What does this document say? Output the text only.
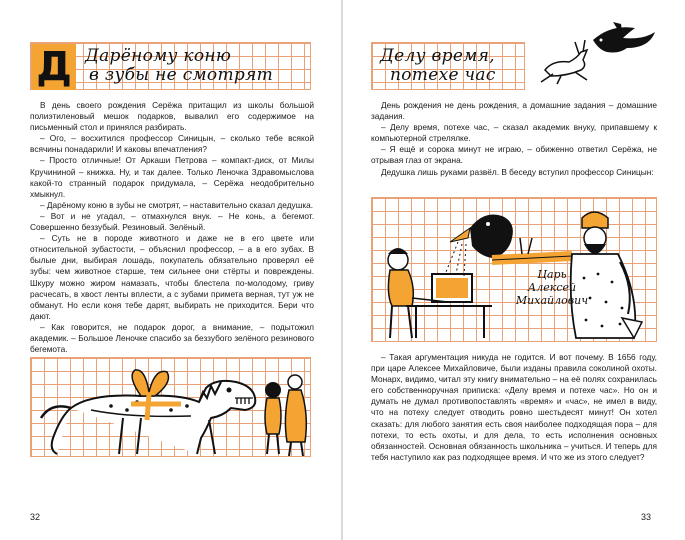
Д Дарёному коню
в зубы не смотрят

В день своего рождения Серёжа притащил из школы большой полиэтиленовый мешок подарков, вывалил его содержимое на письменный стол и принялся разбирать.

– Ого, – восхитился профессор Синицын, – сколько тебе всякой всячины понадарили! И каковы впечатления?

– Просто отличные! От Аркаши Петрова – компакт-диск, от Милы Кручининой – книжка. Ну, и так далее. Только Леночка Здравомыслова какой-то странный подарок придумала, – Серёжа неодобрительно хмыкнул.

– Дарёному коню в зубы не смотрят, – наставительно сказал дедушка.

– Вот и не угадал, – отмахнулся внук. – Не конь, а бегемот. Совершенно беззубый. Резиновый. Зелёный.

– Суть не в породе животного и даже не в его цвете или относительной зубастости, – объяснил профессор, – а в его зубах. В былые дни, выбирая лошадь, покупатель обязательно проверял её зубы: чем животное старше, тем сильнее они стёрты и повреждены. Шкуру можно жиром намазать, чтобы блестела по-молодому, гриву расчесать, в хвост ленты вплести, а с зубами примета верная, тут уж не обманут. Но если коня тебе дарят, выбирать не приходится. Бери что дают.

– Как говорится, не подарок дорог, а внимание, – подытожил академик. – Большое Леночке спасибо за беззубого зелёного резинового бегемота.

32
Делу время,
потехе час

День рождения не день рождения, а домашние задания – домашние задания.

– Делу время, потехе час, – сказал академик внуку, припавшему к компьютерной стрелялке.

– Я ещё и сорока минут не играю, – обиженно ответил Серёжа, не отрывая глаз от экрана.

Дедушка лишь руками развёл. В беседу вступил профессор Синицын:

Царь
Алексей
Михайлович

– Такая аргументация никуда не годится. И вот почему. В 1656 году, при царе Алексее Михайловиче, были изданы правила соколиной охоты. Монарх, видимо, читал эту книгу внимательно – на её полях сохранилась его собственноручная приписка: «Делу время и потехе час». Но он и думать не думал противопоставлять «время» и «час», не имел в виду, что на потеху следует отводить ровно шестьдесят минут! Он хотел сказать: для любого занятия есть своя наиболее подходящая пора – для потехи, то есть охоты, и для дела, то есть исполнения основных обязанностей. Основная обязанность школьника – учиться. И теперь для тебя наступило как раз подходящее время. И что же из этого следует?

33
